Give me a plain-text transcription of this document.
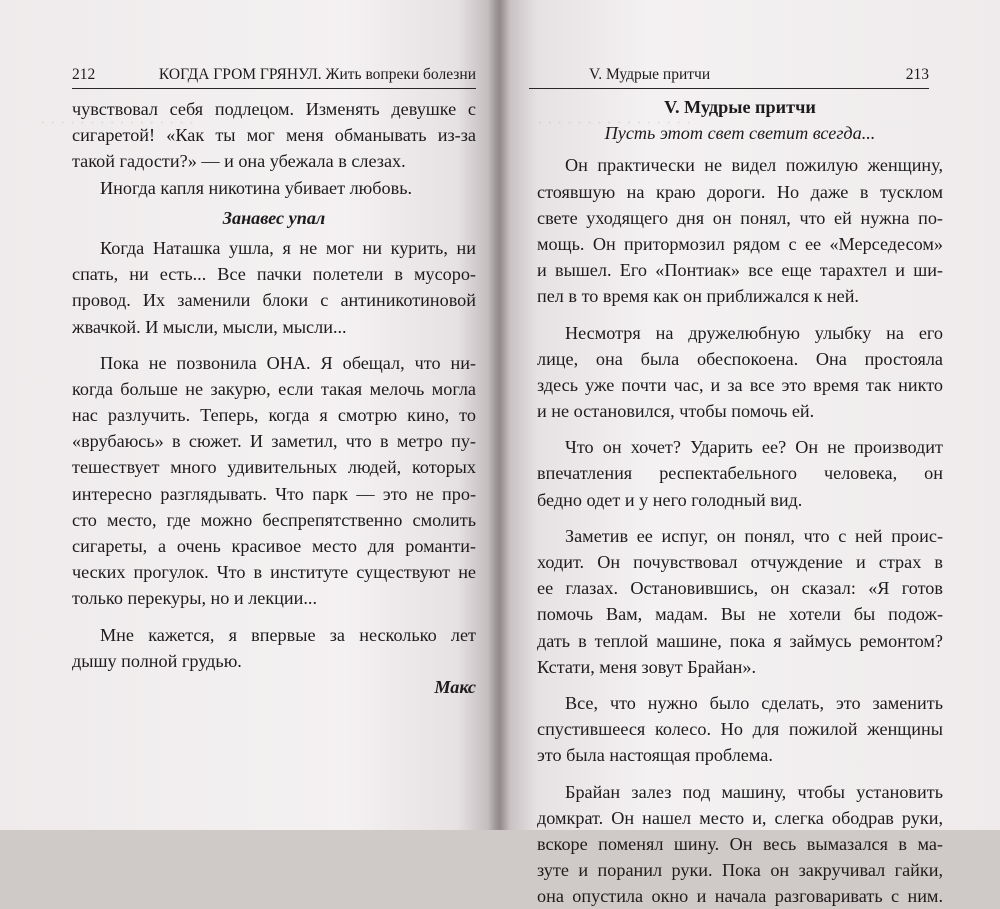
· · · · · · · · · · · · · · · ·
212	КОГДА ГРОМ ГРЯНУЛ. Жить вопреки болезни
чувствовал себя подлецом. Изменять девушке с
сигаретой! «Как ты мог меня обманывать из-за
такой гадости?» — и она убежала в слезах.
Иногда капля никотина убивает любовь.
Занавес упал
Когда Наташка ушла, я не мог ни курить, ни
спать, ни есть... Все пачки полетели в мусоро-
провод. Их заменили блоки с антиникотиновой
жвачкой. И мысли, мысли, мысли...
Пока не позвонила ОНА. Я обещал, что ни-
когда больше не закурю, если такая мелочь могла
нас разлучить. Теперь, когда я смотрю кино, то
«врубаюсь» в сюжет. И заметил, что в метро пу-
тешествует много удивительных людей, которых
интересно разглядывать. Что парк — это не про-
сто место, где можно беспрепятственно смолить
сигареты, а очень красивое место для романти-
ческих прогулок. Что в институте существуют не
только перекуры, но и лекции...
Мне кажется, я впервые за несколько лет
дышу полной грудью.
Макс
· · · · · · · · · · · · · · · ·
V. Мудрые притчи	213
V. Мудрые притчи
Пусть этот свет светит всегда...
Он практически не видел пожилую женщину,
стоявшую на краю дороги. Но даже в тусклом
свете уходящего дня он понял, что ей нужна по-
мощь. Он притормозил рядом с ее «Мерседесом»
и вышел. Его «Понтиак» все еще тарахтел и ши-
пел в то время как он приближался к ней.
Несмотря на дружелюбную улыбку на его
лице, она была обеспокоена. Она простояла
здесь уже почти час, и за все это время так никто
и не остановился, чтобы помочь ей.
Что он хочет? Ударить ее? Он не производит
впечатления респектабельного человека, он
бедно одет и у него голодный вид.
Заметив ее испуг, он понял, что с ней проис-
ходит. Он почувствовал отчуждение и страх в
ее глазах. Остановившись, он сказал: «Я готов
помочь Вам, мадам. Вы не хотели бы подож-
дать в теплой машине, пока я займусь ремонтом?
Кстати, меня зовут Брайан».
Все, что нужно было сделать, это заменить
спустившееся колесо. Но для пожилой женщины
это была настоящая проблема.
Брайан залез под машину, чтобы установить
домкрат. Он нашел место и, слегка ободрав руки,
вскоре поменял шину. Он весь вымазался в ма-
зуте и поранил руки. Пока он закручивал гайки,
она опустила окно и начала разговаривать с ним.
